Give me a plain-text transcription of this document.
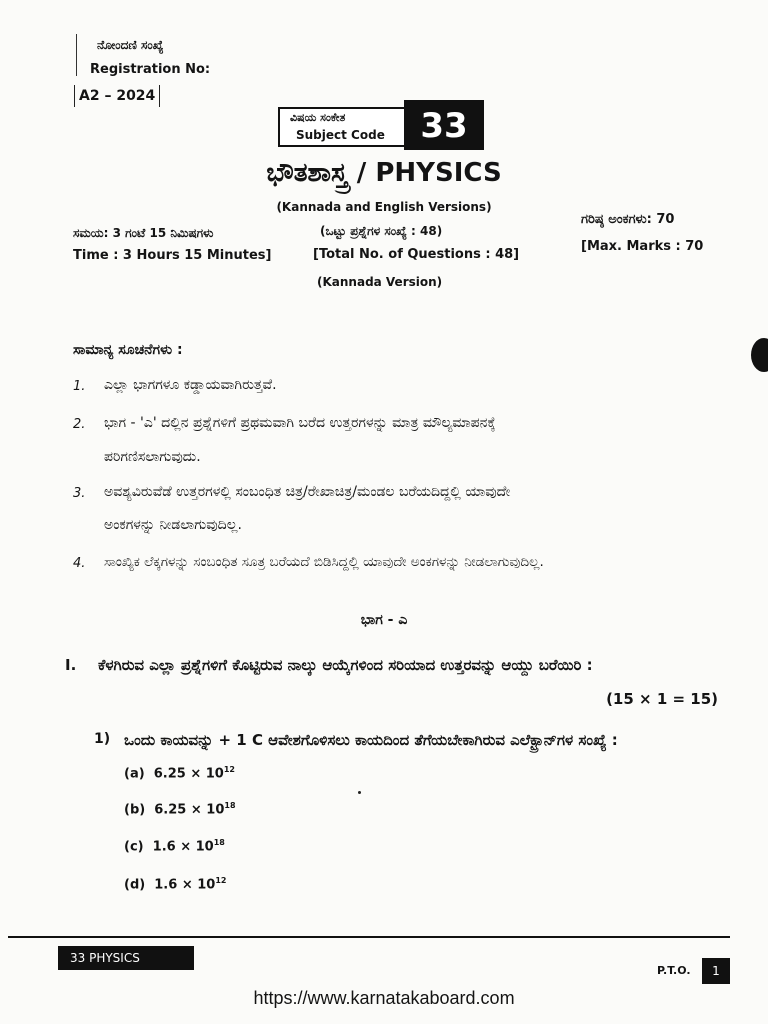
ನೋಂದಣಿ ಸಂಖ್ಯೆ
Registration No:
A2 – 2024
ವಿಷಯ ಸಂಕೇತ
Subject Code	33
ಭೌತಶಾಸ್ತ್ರ / PHYSICS
(Kannada and English Versions)
ಸಮಯ: 3 ಗಂಟೆ 15 ನಿಮಿಷಗಳು
Time : 3 Hours 15 Minutes]
(ಒಟ್ಟು ಪ್ರಶ್ನೆಗಳ ಸಂಖ್ಯೆ : 48)
[Total No. of Questions : 48]
ಗರಿಷ್ಠ ಅಂಕಗಳು: 70
[Max. Marks : 70
(Kannada Version)
ಸಾಮಾನ್ಯ ಸೂಚನೆಗಳು :
1. ಎಲ್ಲಾ ಭಾಗಗಳೂ ಕಡ್ಡಾಯವಾಗಿರುತ್ತವೆ.
2. ಭಾಗ - 'ಎ' ದಲ್ಲಿನ ಪ್ರಶ್ನೆಗಳಿಗೆ ಪ್ರಥಮವಾಗಿ ಬರೆದ ಉತ್ತರಗಳನ್ನು ಮಾತ್ರ ಮೌಲ್ಯಮಾಪನಕ್ಕೆ
ಪರಿಗಣಿಸಲಾಗುವುದು.
3. ಅವಶ್ಯವಿರುವೆಡೆ ಉತ್ತರಗಳಲ್ಲಿ ಸಂಬಂಧಿತ ಚಿತ್ರ/ರೇಖಾಚಿತ್ರ/ಮಂಡಲ ಬರೆಯದಿದ್ದಲ್ಲಿ ಯಾವುದೇ
ಅಂಕಗಳನ್ನು ನೀಡಲಾಗುವುದಿಲ್ಲ.
4. ಸಾಂಖ್ಯಿಕ ಲೆಕ್ಕಗಳನ್ನು ಸಂಬಂಧಿತ ಸೂತ್ರ ಬರೆಯದೆ ಬಿಡಿಸಿದ್ದಲ್ಲಿ ಯಾವುದೇ ಅಂಕಗಳನ್ನು ನೀಡಲಾಗುವುದಿಲ್ಲ.
ಭಾಗ - ಎ
I. ಕೆಳಗಿರುವ ಎಲ್ಲಾ ಪ್ರಶ್ನೆಗಳಿಗೆ ಕೊಟ್ಟಿರುವ ನಾಲ್ಕು ಆಯ್ಕೆಗಳಿಂದ ಸರಿಯಾದ ಉತ್ತರವನ್ನು ಆಯ್ದು ಬರೆಯಿರಿ :
(15 × 1 = 15)
1) ಒಂದು ಕಾಯವನ್ನು + 1 C ಆವೇಶಗೊಳಿಸಲು ಕಾಯದಿಂದ ತೆಗೆಯಬೇಕಾಗಿರುವ ಎಲೆಕ್ಟ್ರಾನ್‌ಗಳ ಸಂಖ್ಯೆ :
(a) $6.25 \times 10^{12}$
(b) $6.25 \times 10^{18}$
(c) $1.6 \times 10^{18}$
(d) $1.6 \times 10^{12}$
33 PHYSICS
P.T.O.	1
https://www.karnatakaboard.com
